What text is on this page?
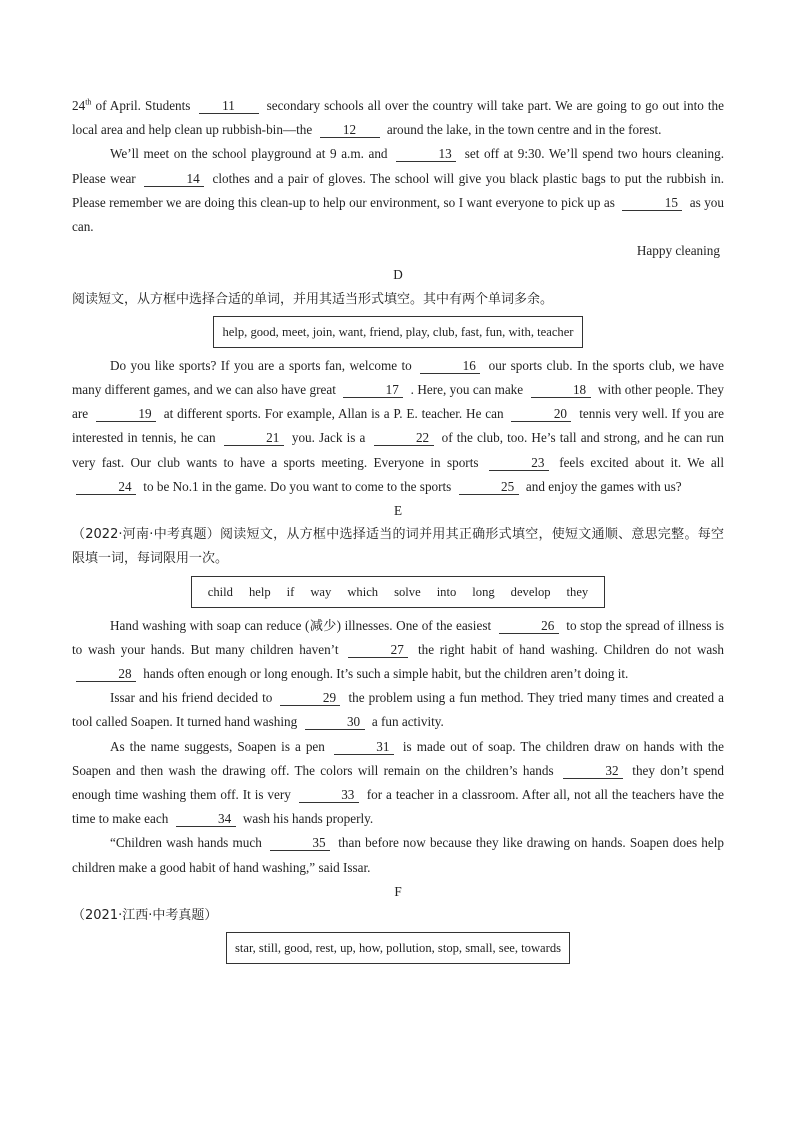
24th of April. Students 11 secondary schools all over the country will take part. We are going to go out into the local area and help clean up rubbish-bin—the 12 around the lake, in the town centre and in the forest.

We’ll meet on the school playground at 9 a.m. and	13 set off at 9:30. We’ll spend two hours cleaning. Please wear	14 clothes and a pair of gloves. The school will give you black plastic bags to put the rubbish in. Please remember we are doing this clean-up to help our environment, so I want everyone to pick up as	15 as you can.

Happy cleaning

D

阅读短文，从方框中选择合适的单词，并用其适当形式填空。其中有两个单词多余。

help, good, meet, join, want, friend, play, club, fast, fun, with, teacher

Do you like sports? If you are a sports fan, welcome to	16 our sports club. In the sports club, we have many different games, and we can also have great	17 . Here, you can make	18 with other people. They are	19 at different sports. For example, Allan is a P. E. teacher. He can	20 tennis very well. If you are interested in tennis, he can	21 you. Jack is a	22 of the club, too. He’s tall and strong, and he can run very fast. Our club wants to have a sports meeting. Everyone in sports	23 feels excited about it. We all 24 to be No.1 in the game. Do you want to come to the sports	25 and enjoy the games with us?

E

（2022·河南·中考真题）阅读短文，从方框中选择适当的词并用其正确形式填空，使短文通顺、意思完整。每空限填一词，每词限用一次。

child help if way which solve into long develop they

Hand washing with soap can reduce (减少) illnesses. One of the easiest	26 to stop the spread of illness is to wash your hands. But many children haven’t	27 the right habit of hand washing. Children do not wash 28 hands often enough or long enough. It’s such a simple habit, but the children aren’t doing it.

Issar and his friend decided to	29 the problem using a fun method. They tried many times and created a tool called Soapen. It turned hand washing	30 a fun activity.

As the name suggests, Soapen is a pen	31 is made out of soap. The children draw on hands with the Soapen and then wash the drawing off. The colors will remain on the children’s hands	32 they don’t spend enough time washing them off. It is very	33 for a teacher in a classroom. After all, not all the teachers have the time to make each	34 wash his hands properly.

“Children wash hands much	35 than before now because they like drawing on hands. Soapen does help children make a good habit of hand washing,” said Issar.

F

（2021·江西·中考真题）

star, still, good, rest, up, how, pollution, stop, small, see, towards
